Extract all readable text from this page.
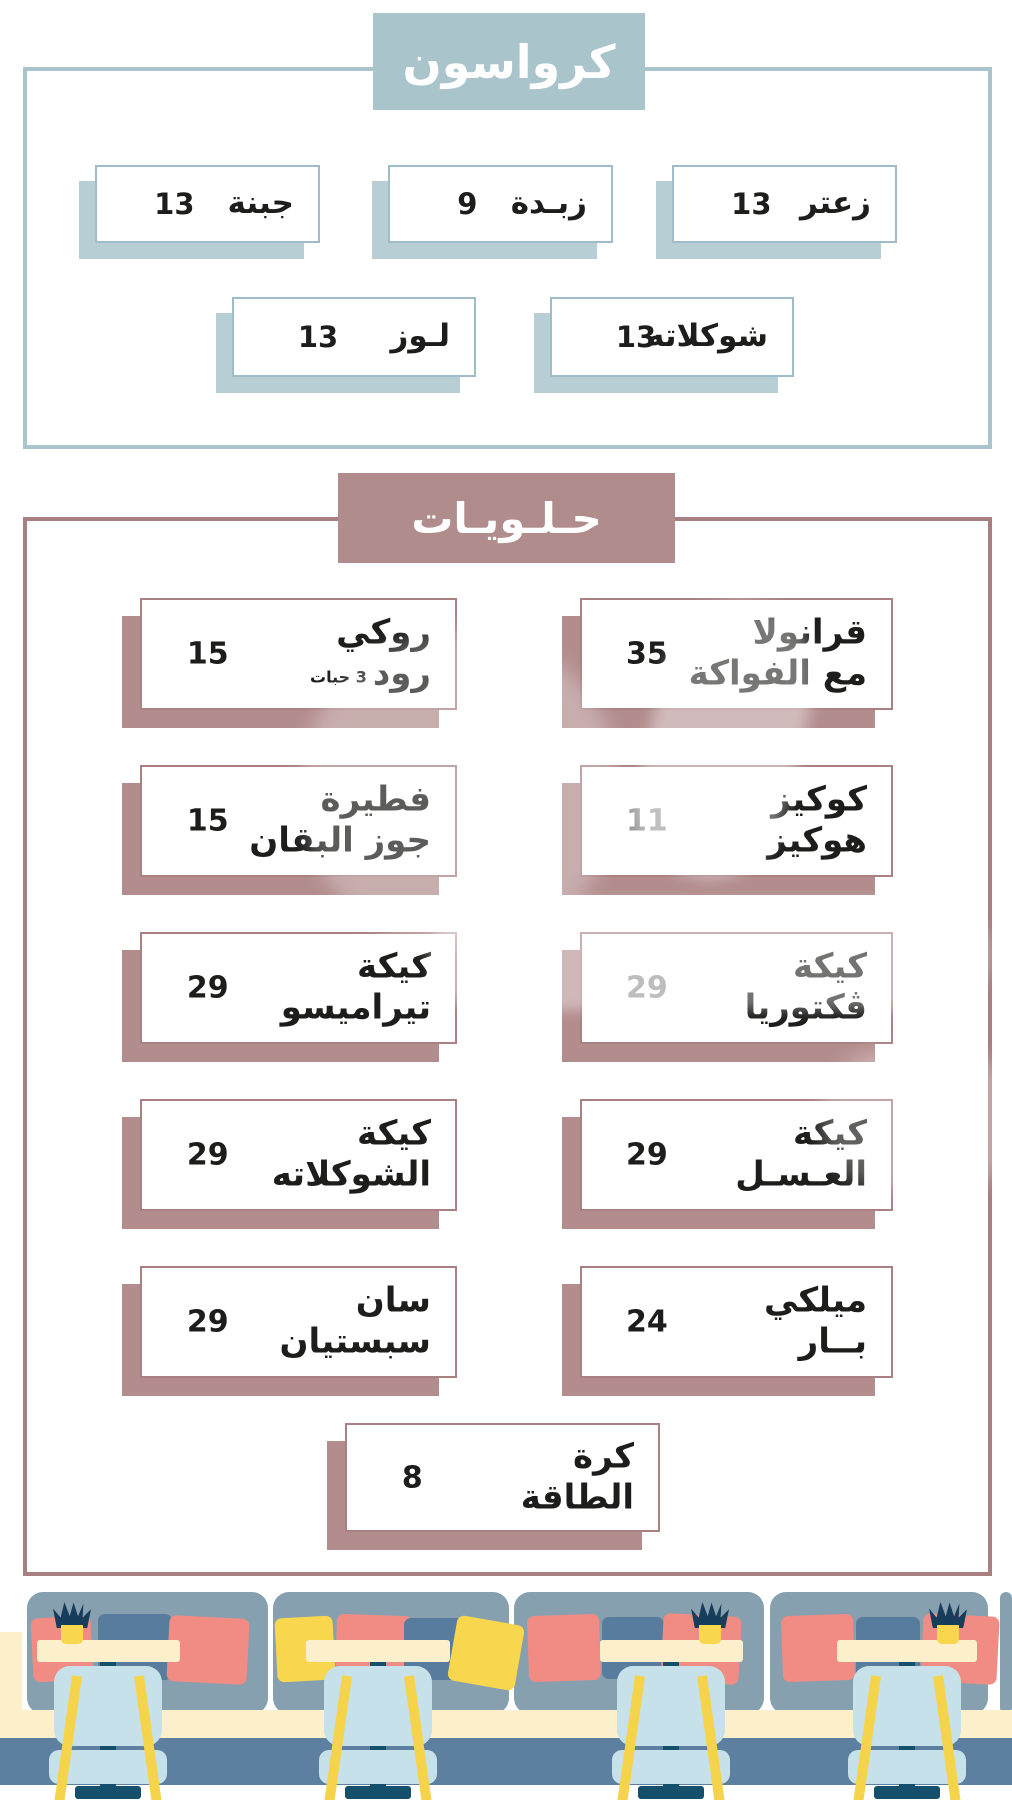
كرواسون
زعتر
13
زبـدة
9
جبنة
13
شوكلاته
13
لـوز
13
حـلـويـات
قرانولا
مع الفواكة
35
روكي
رود3 حبات
15
كوكيز
هوكيز
11
فطيرة
جوز البقان
15
كيكة
ڤكتوريا
29
كيكة
تيراميسو
29
كيكة
العـسـل
29
كيكة
الشوكلاته
29
ميلكي
بــار
24
سان
سبستيان
29
كرة
الطاقة
8
